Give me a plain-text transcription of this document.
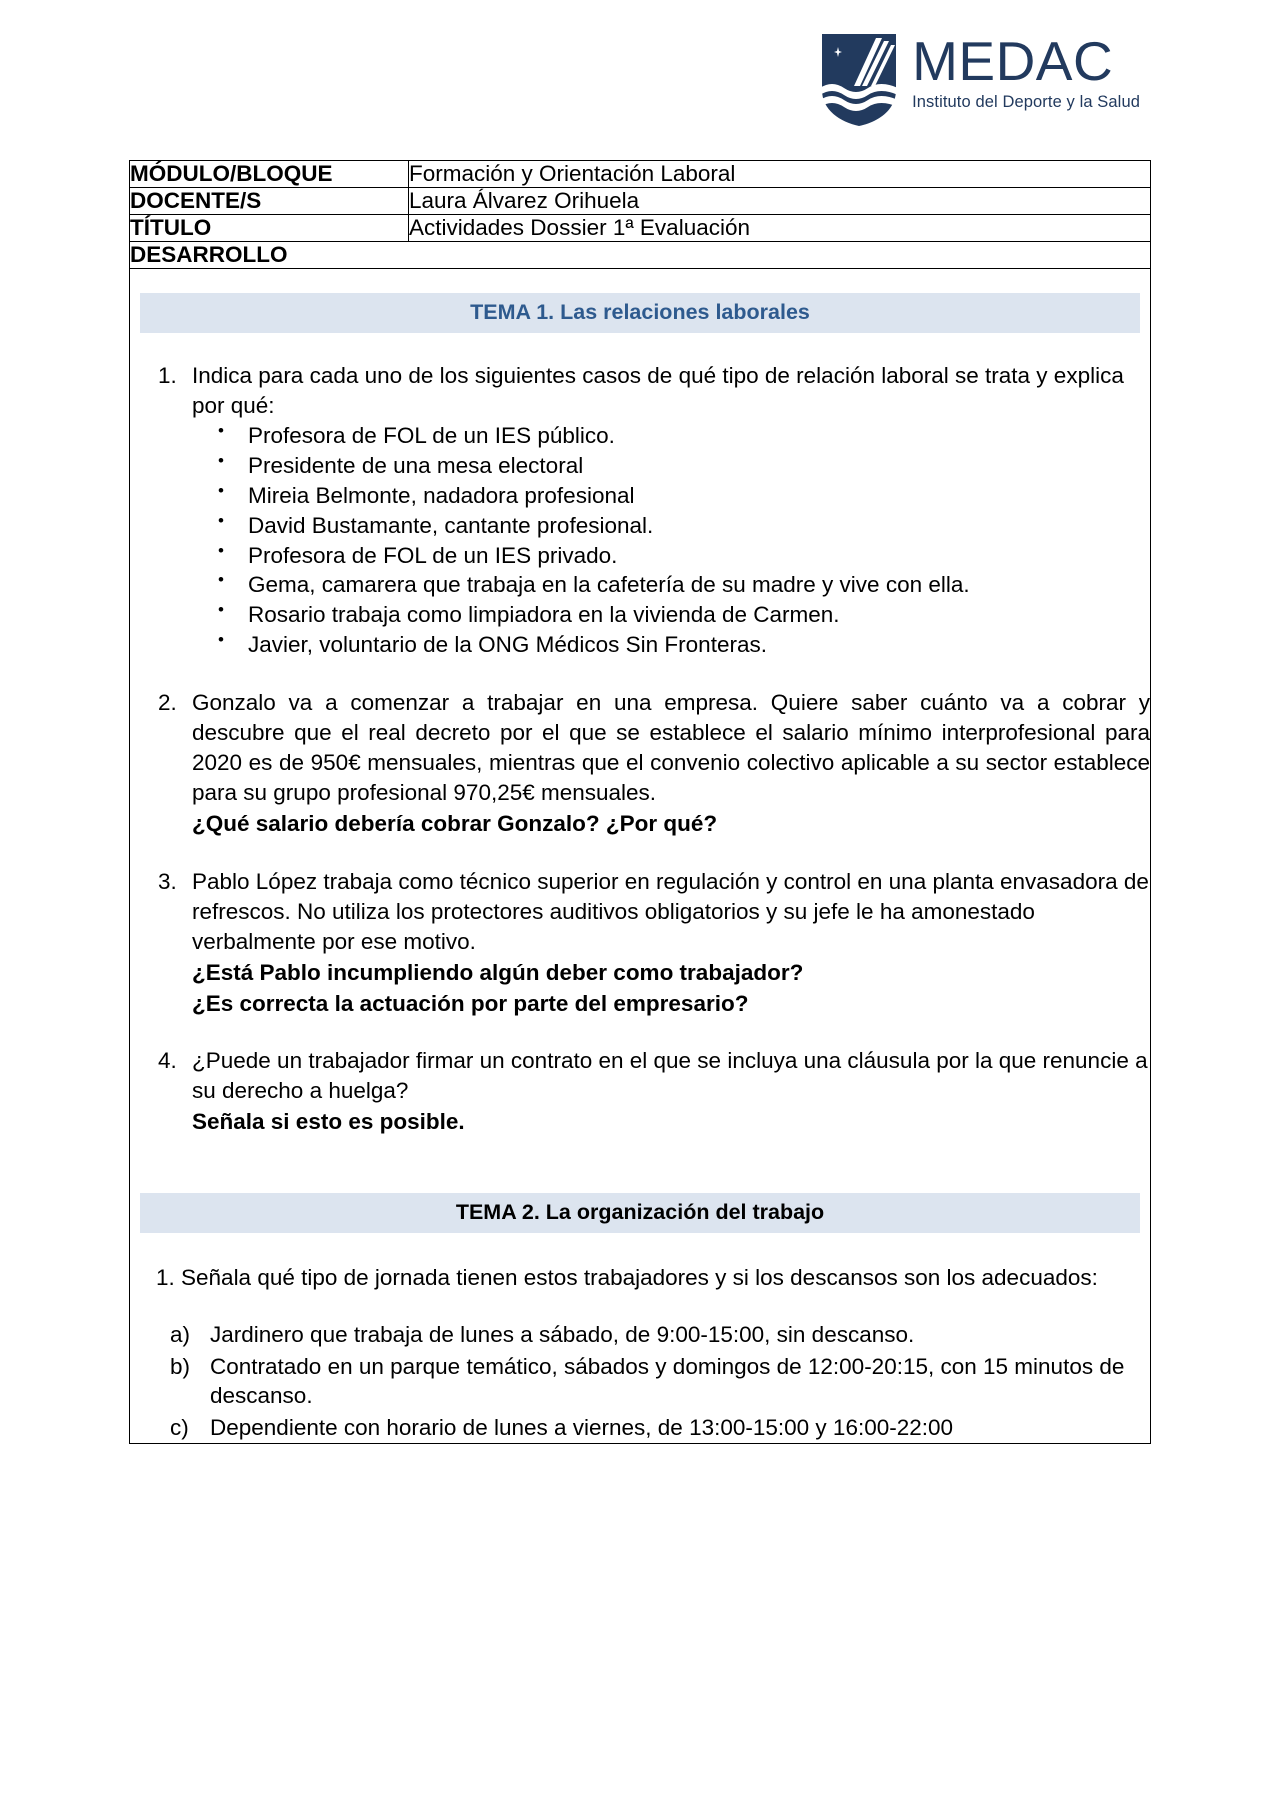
MEDAC
Instituto del Deporte y la Salud
MÓDULO/BLOQUE	Formación y Orientación Laboral
DOCENTE/S	Laura Álvarez Orihuela
TÍTULO	Actividades Dossier 1ª Evaluación
DESARROLLO	

TEMA 1. Las relaciones laborales
1. Indica para cada uno de los siguientes casos de qué tipo de relación laboral se trata y explica por qué:
• Profesora de FOL de un IES público.
• Presidente de una mesa electoral
• Mireia Belmonte, nadadora profesional
• David Bustamante, cantante profesional.
• Profesora de FOL de un IES privado.
• Gema, camarera que trabaja en la cafetería de su madre y vive con ella.
• Rosario trabaja como limpiadora en la vivienda de Carmen.
• Javier, voluntario de la ONG Médicos Sin Fronteras.
2. Gonzalo va a comenzar a trabajar en una empresa. Quiere saber cuánto va a cobrar y descubre que el real decreto por el que se establece el salario mínimo interprofesional para 2020 es de 950€ mensuales, mientras que el convenio colectivo aplicable a su sector establece para su grupo profesional 970,25€ mensuales.
¿Qué salario debería cobrar Gonzalo? ¿Por qué?
3. Pablo López trabaja como técnico superior en regulación y control en una planta envasadora de refrescos. No utiliza los protectores auditivos obligatorios y su jefe le ha amonestado verbalmente por ese motivo.
¿Está Pablo incumpliendo algún deber como trabajador?
¿Es correcta la actuación por parte del empresario?
4. ¿Puede un trabajador firmar un contrato en el que se incluya una cláusula por la que renuncie a su derecho a huelga?
Señala si esto es posible.
TEMA 2. La organización del trabajo
1. Señala qué tipo de jornada tienen estos trabajadores y si los descansos son los adecuados:
a) Jardinero que trabaja de lunes a sábado, de 9:00-15:00, sin descanso.
b) Contratado en un parque temático, sábados y domingos de 12:00-20:15, con 15 minutos de descanso.
c) Dependiente con horario de lunes a viernes, de 13:00-15:00 y 16:00-22:00
